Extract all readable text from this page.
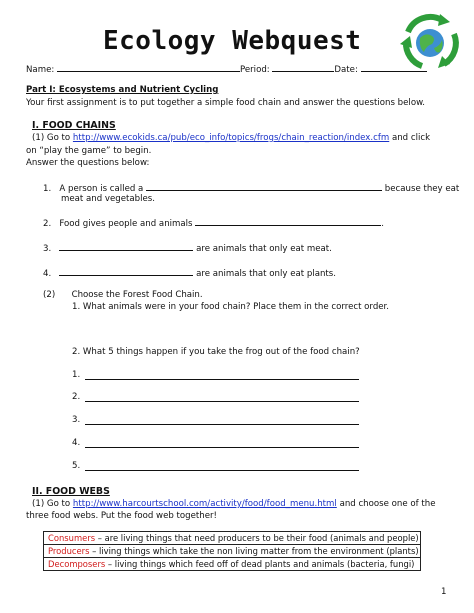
Ecology Webquest
Name:	Period:	Date:
Part I: Ecosystems and Nutrient Cycling
Your first assignment is to put together a simple food chain and answer the questions below.
I. FOOD CHAINS
(1) Go to http://www.ecokids.ca/pub/eco_info/topics/frogs/chain_reaction/index.cfm and click
on “play the game” to begin.
Answer the questions below:
1. A person is called a	because they eat
meat and vegetables.
2. Food gives people and animals	.
3.	are animals that only eat meat.
4.	are animals that only eat plants.
(2) Choose the Forest Food Chain.
1. What animals were in your food chain? Place them in the correct order.
2. What 5 things happen if you take the frog out of the food chain?
1.
2.
3.
4.
5.
II. FOOD WEBS
(1) Go to http://www.harcourtschool.com/activity/food/food_menu.html and choose one of the
three food webs. Put the food web together!
Consumers – are living things that need producers to be their food (animals and people)
Producers – living things which take the non living matter from the environment (plants)
Decomposers – living things which feed off of dead plants and animals (bacteria, fungi)
1
